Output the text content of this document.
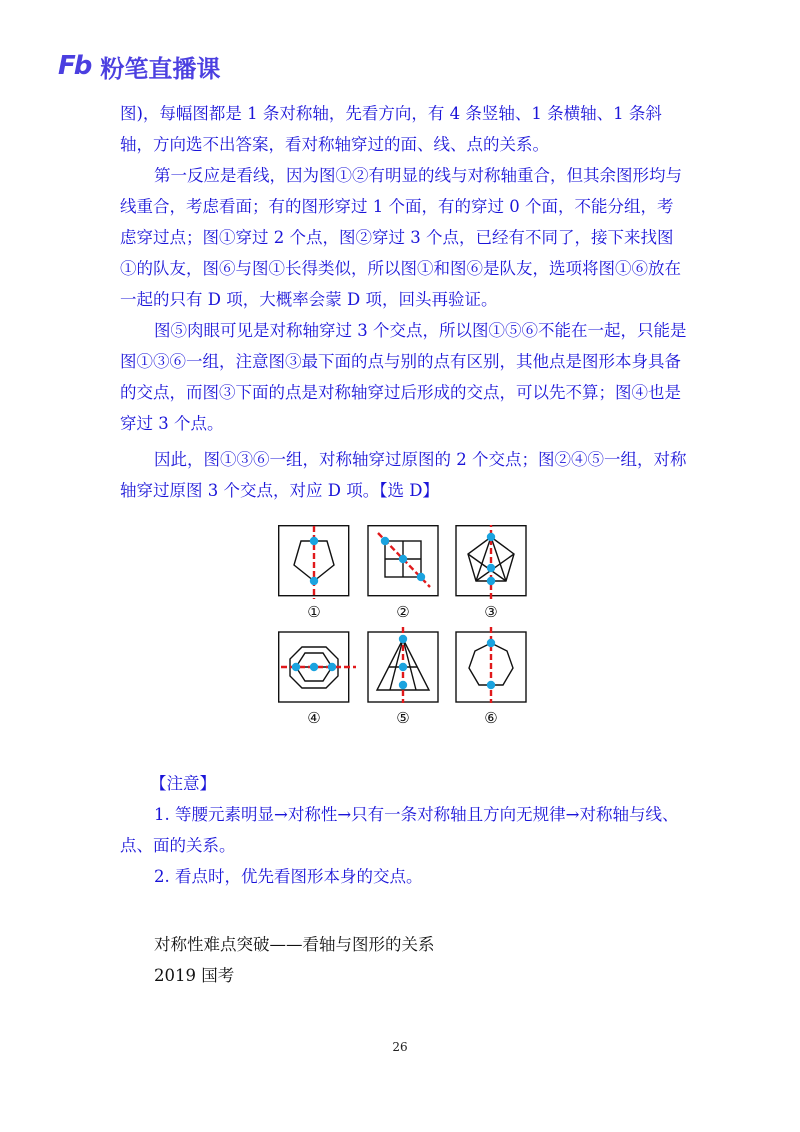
Fb 粉笔直播课

图)，每幅图都是 1 条对称轴，先看方向，有 4 条竖轴、1 条横轴、1 条斜轴，方向选不出答案，看对称轴穿过的面、线、点的关系。

第一反应是看线，因为图①②有明显的线与对称轴重合，但其余图形均与线重合，考虑看面；有的图形穿过 1 个面，有的穿过 0 个面，不能分组，考虑穿过点；图①穿过 2 个点，图②穿过 3 个点，已经有不同了，接下来找图①的队友，图⑥与图①长得类似，所以图①和图⑥是队友，选项将图①⑥放在一起的只有 D 项，大概率会蒙 D 项，回头再验证。

图⑤肉眼可见是对称轴穿过 3 个交点，所以图①⑤⑥不能在一起，只能是图①③⑥一组，注意图③最下面的点与别的点有区别，其他点是图形本身具备的交点，而图③下面的点是对称轴穿过后形成的交点，可以先不算；图④也是穿过 3 个点。

因此，图①③⑥一组，对称轴穿过原图的 2 个交点；图②④⑤一组，对称轴穿过原图 3 个交点，对应 D 项。【选 D】

①	②	③
④	⑤	⑥

【注意】

1. 等腰元素明显→对称性→只有一条对称轴且方向无规律→对称轴与线、点、面的关系。

2. 看点时，优先看图形本身的交点。

对称性难点突破——看轴与图形的关系

2019 国考

26
